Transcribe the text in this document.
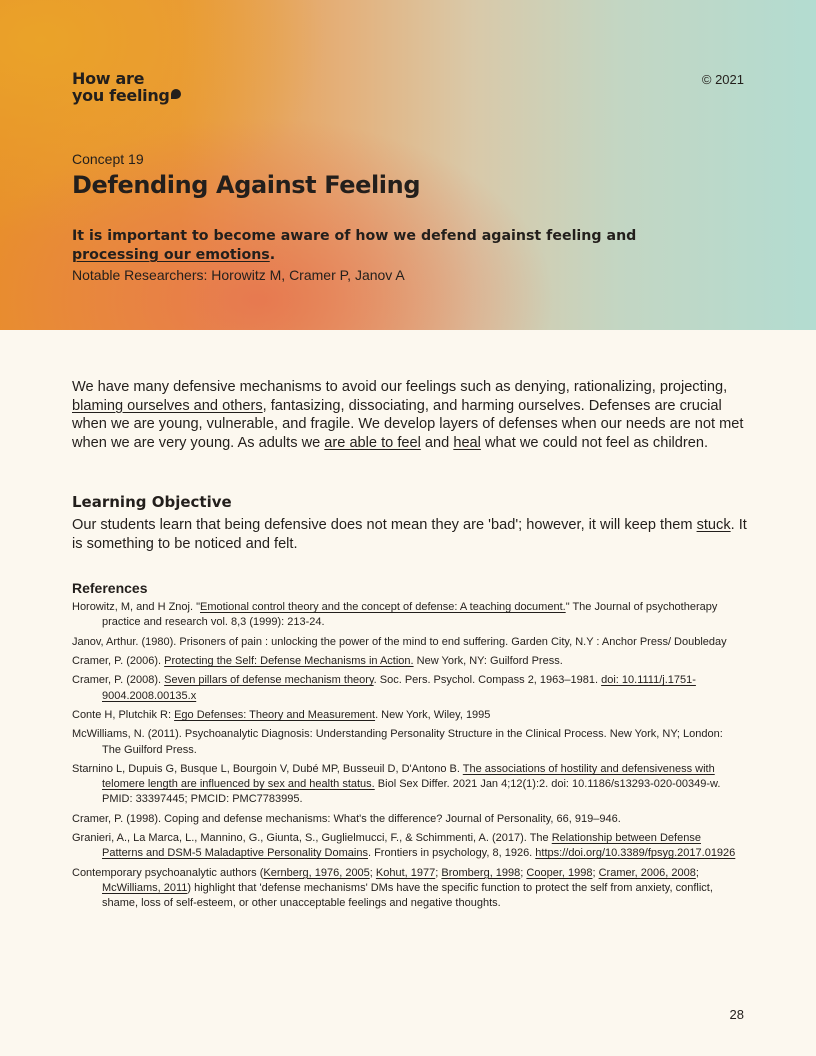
How are
you feeling
© 2021
Concept 19
Defending Against Feeling
It is important to become aware of how we defend against feeling and processing our emotions.
Notable Researchers: Horowitz M, Cramer P, Janov A

We have many defensive mechanisms to avoid our feelings such as denying, rationalizing, projecting, blaming ourselves and others, fantasizing, dissociating, and harming ourselves. Defenses are crucial when we are young, vulnerable, and fragile. We develop layers of defenses when our needs are not met when we are very young. As adults we are able to feel and heal what we could not feel as children.

Learning Objective

Our students learn that being defensive does not mean they are 'bad'; however, it will keep them stuck. It is something to be noticed and felt.

References
Horowitz, M, and H Znoj. "Emotional control theory and the concept of defense: A teaching document." The Journal of psychotherapy practice and research vol. 8,3 (1999): 213-24.
Janov, Arthur. (1980). Prisoners of pain : unlocking the power of the mind to end suffering. Garden City, N.Y : Anchor Press/ Doubleday
Cramer, P. (2006). Protecting the Self: Defense Mechanisms in Action. New York, NY: Guilford Press.
Cramer, P. (2008). Seven pillars of defense mechanism theory. Soc. Pers. Psychol. Compass 2, 1963–1981. doi: 10.1111/j.1751-9004.2008.00135.x
Conte H, Plutchik R: Ego Defenses: Theory and Measurement. New York, Wiley, 1995
McWilliams, N. (2011). Psychoanalytic Diagnosis: Understanding Personality Structure in the Clinical Process. New York, NY; London: The Guilford Press.
Starnino L, Dupuis G, Busque L, Bourgoin V, Dubé MP, Busseuil D, D'Antono B. The associations of hostility and defensiveness with telomere length are influenced by sex and health status. Biol Sex Differ. 2021 Jan 4;12(1):2. doi: 10.1186/s13293-020-00349-w. PMID: 33397445; PMCID: PMC7783995.
Cramer, P. (1998). Coping and defense mechanisms: What's the difference? Journal of Personality, 66, 919–946.
Granieri, A., La Marca, L., Mannino, G., Giunta, S., Guglielmucci, F., & Schimmenti, A. (2017). The Relationship between Defense Patterns and DSM-5 Maladaptive Personality Domains. Frontiers in psychology, 8, 1926. https://doi.org/10.3389/fpsyg.2017.01926
Contemporary psychoanalytic authors (Kernberg, 1976, 2005; Kohut, 1977; Bromberg, 1998; Cooper, 1998; Cramer, 2006, 2008; McWilliams, 2011) highlight that 'defense mechanisms' DMs have the specific function to protect the self from anxiety, conflict, shame, loss of self-esteem, or other unacceptable feelings and negative thoughts.
28
